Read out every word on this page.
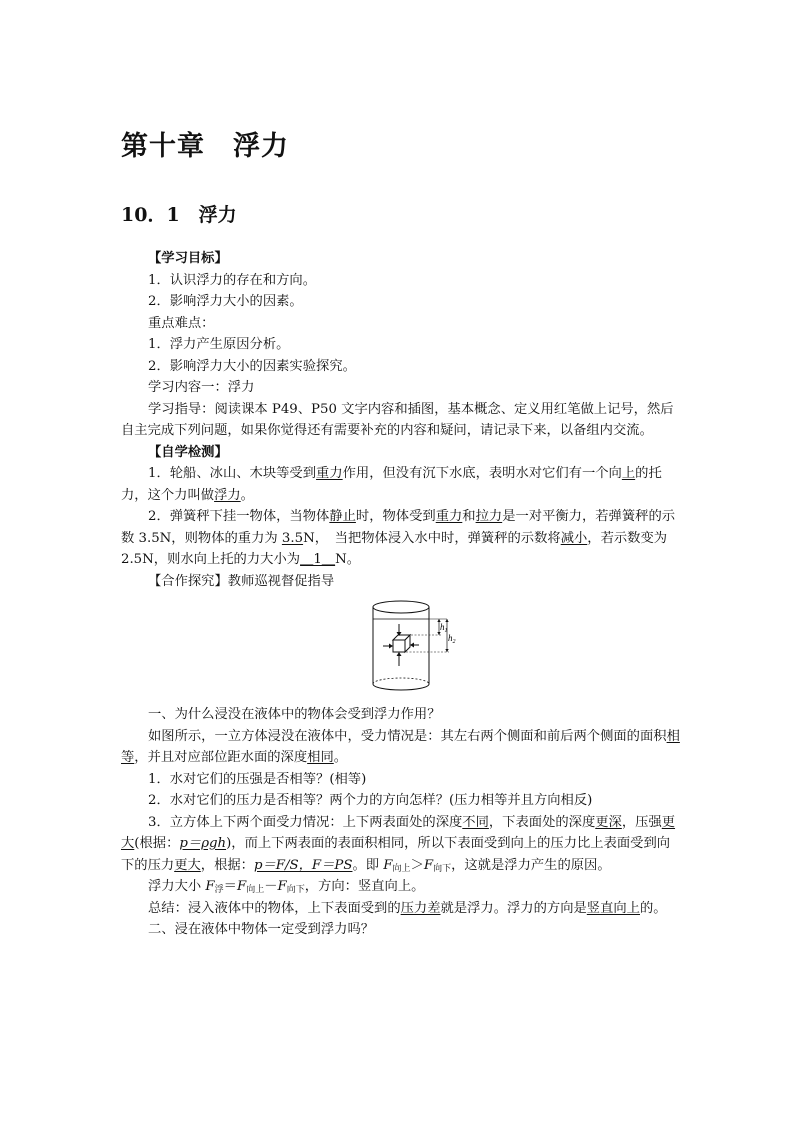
第十章　浮力
10．1　浮力

【学习目标】

1．认识浮力的存在和方向。

2．影响浮力大小的因素。

重点难点：

1．浮力产生原因分析。

2．影响浮力大小的因素实验探究。

学习内容一：浮力

学习指导：阅读课本 P49、P50 文字内容和插图，基本概念、定义用红笔做上记号，然后自主完成下列问题，如果你觉得还有需要补充的内容和疑问，请记录下来，以备组内交流。

【自学检测】

1．轮船、冰山、木块等受到重力作用，但没有沉下水底，表明水对它们有一个向上的托力，这个力叫做浮力。

2．弹簧秤下挂一物体，当物体静止时，物体受到重力和拉力是一对平衡力，若弹簧秤的示数 3.5N，则物体的重力为 3.5N，　当把物体浸入水中时，弹簧秤的示数将减小，若示数变为 2.5N，则水向上托的力大小为＿1＿N。

【合作探究】教师巡视督促指导

$h_1$
$h_2$

一、为什么浸没在液体中的物体会受到浮力作用？

如图所示，一立方体浸没在液体中，受力情况是：其左右两个侧面和前后两个侧面的面积相等，并且对应部位距水面的深度相同。

1．水对它们的压强是否相等？(相等)

2．水对它们的压力是否相等？两个力的方向怎样？(压力相等并且方向相反)

3．立方体上下两个面受力情况：上下两表面处的深度不同，下表面处的深度更深，压强更大(根据：p＝ρgh)，而上下两表面的表面积相同，所以下表面受到向上的压力比上表面受到向下的压力更大，根据：p＝F/S，F＝PS。即 $F_{向上}>F_{向下}$，这就是浮力产生的原因。

浮力大小 $F_浮=F_{向上}-F_{向下}$，方向：竖直向上。

总结：浸入液体中的物体，上下表面受到的压力差就是浮力。浮力的方向是竖直向上的。

二、浸在液体中物体一定受到浮力吗？
